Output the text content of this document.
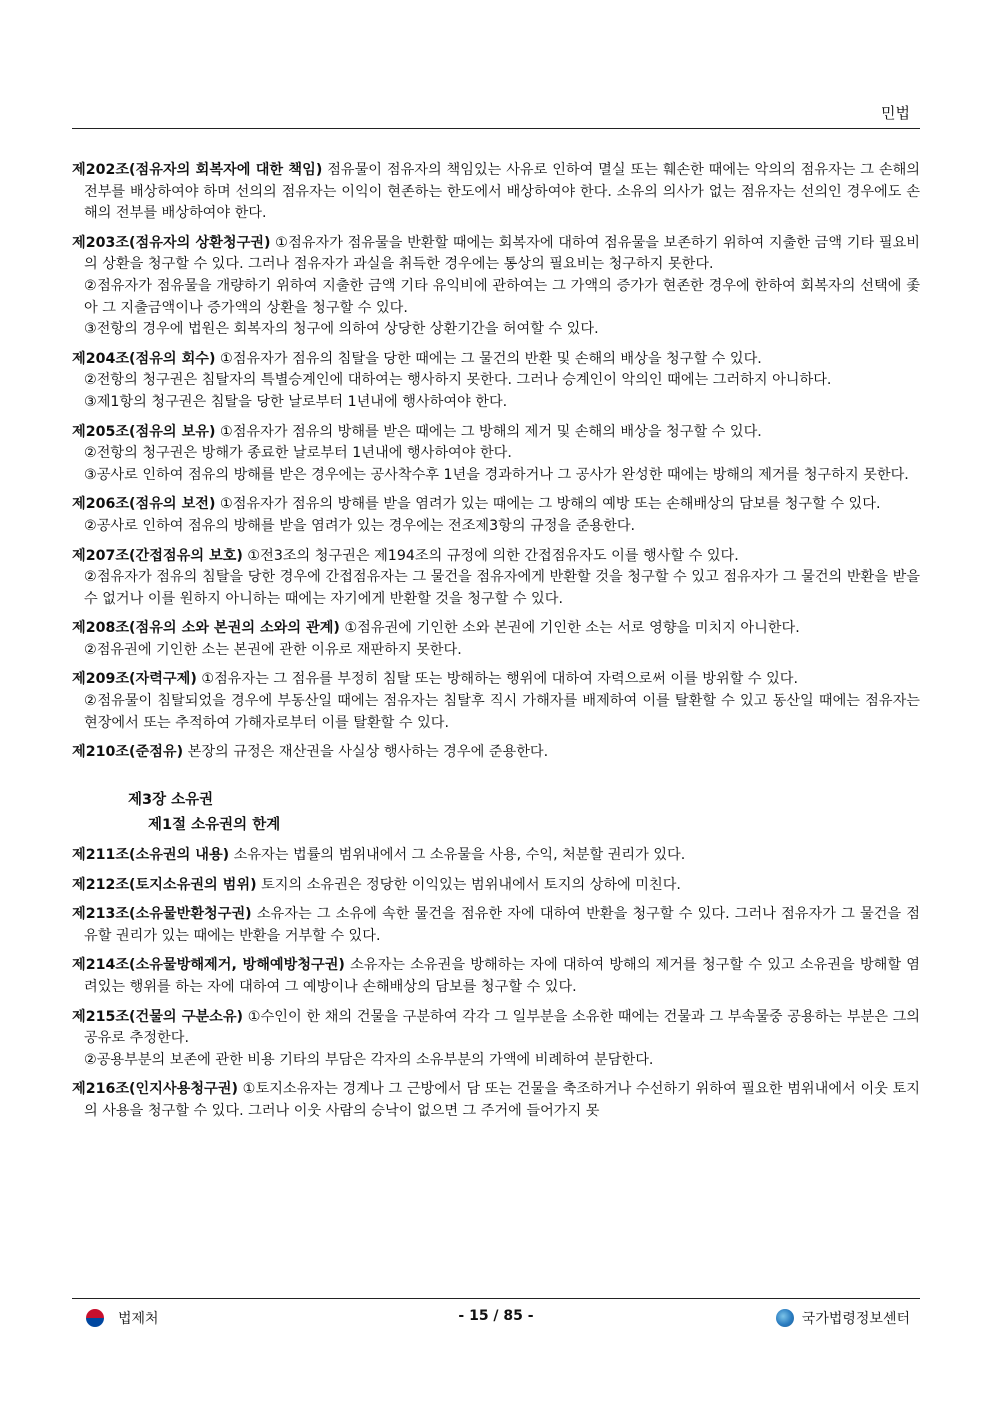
민법
제202조(점유자의 회복자에 대한 책임) 점유물이 점유자의 책임있는 사유로 인하여 멸실 또는 훼손한 때에는 악의의 점유자는 그 손해의 전부를 배상하여야 하며 선의의 점유자는 이익이 현존하는 한도에서 배상하여야 한다. 소유의 의사가 없는 점유자는 선의인 경우에도 손해의 전부를 배상하여야 한다.
제203조(점유자의 상환청구권) ①점유자가 점유물을 반환할 때에는 회복자에 대하여 점유물을 보존하기 위하여 지출한 금액 기타 필요비의 상환을 청구할 수 있다. 그러나 점유자가 과실을 취득한 경우에는 통상의 필요비는 청구하지 못한다.
②점유자가 점유물을 개량하기 위하여 지출한 금액 기타 유익비에 관하여는 그 가액의 증가가 현존한 경우에 한하여 회복자의 선택에 좇아 그 지출금액이나 증가액의 상환을 청구할 수 있다.
③전항의 경우에 법원은 회복자의 청구에 의하여 상당한 상환기간을 허여할 수 있다.
제204조(점유의 회수) ①점유자가 점유의 침탈을 당한 때에는 그 물건의 반환 및 손해의 배상을 청구할 수 있다.
②전항의 청구권은 침탈자의 특별승계인에 대하여는 행사하지 못한다. 그러나 승계인이 악의인 때에는 그러하지 아니하다.
③제1항의 청구권은 침탈을 당한 날로부터 1년내에 행사하여야 한다.
제205조(점유의 보유) ①점유자가 점유의 방해를 받은 때에는 그 방해의 제거 및 손해의 배상을 청구할 수 있다.
②전항의 청구권은 방해가 종료한 날로부터 1년내에 행사하여야 한다.
③공사로 인하여 점유의 방해를 받은 경우에는 공사착수후 1년을 경과하거나 그 공사가 완성한 때에는 방해의 제거를 청구하지 못한다.
제206조(점유의 보전) ①점유자가 점유의 방해를 받을 염려가 있는 때에는 그 방해의 예방 또는 손해배상의 담보를 청구할 수 있다.
②공사로 인하여 점유의 방해를 받을 염려가 있는 경우에는 전조제3항의 규정을 준용한다.
제207조(간접점유의 보호) ①전3조의 청구권은 제194조의 규정에 의한 간접점유자도 이를 행사할 수 있다.
②점유자가 점유의 침탈을 당한 경우에 간접점유자는 그 물건을 점유자에게 반환할 것을 청구할 수 있고 점유자가 그 물건의 반환을 받을 수 없거나 이를 원하지 아니하는 때에는 자기에게 반환할 것을 청구할 수 있다.
제208조(점유의 소와 본권의 소와의 관계) ①점유권에 기인한 소와 본권에 기인한 소는 서로 영향을 미치지 아니한다.
②점유권에 기인한 소는 본권에 관한 이유로 재판하지 못한다.
제209조(자력구제) ①점유자는 그 점유를 부정히 침탈 또는 방해하는 행위에 대하여 자력으로써 이를 방위할 수 있다.
②점유물이 침탈되었을 경우에 부동산일 때에는 점유자는 침탈후 직시 가해자를 배제하여 이를 탈환할 수 있고 동산일 때에는 점유자는 현장에서 또는 추적하여 가해자로부터 이를 탈환할 수 있다.
제210조(준점유) 본장의 규정은 재산권을 사실상 행사하는 경우에 준용한다.
제3장 소유권
제1절 소유권의 한계
제211조(소유권의 내용) 소유자는 법률의 범위내에서 그 소유물을 사용, 수익, 처분할 권리가 있다.
제212조(토지소유권의 범위) 토지의 소유권은 정당한 이익있는 범위내에서 토지의 상하에 미친다.
제213조(소유물반환청구권) 소유자는 그 소유에 속한 물건을 점유한 자에 대하여 반환을 청구할 수 있다. 그러나 점유자가 그 물건을 점유할 권리가 있는 때에는 반환을 거부할 수 있다.
제214조(소유물방해제거, 방해예방청구권) 소유자는 소유권을 방해하는 자에 대하여 방해의 제거를 청구할 수 있고 소유권을 방해할 염려있는 행위를 하는 자에 대하여 그 예방이나 손해배상의 담보를 청구할 수 있다.
제215조(건물의 구분소유) ①수인이 한 채의 건물을 구분하여 각각 그 일부분을 소유한 때에는 건물과 그 부속물중 공용하는 부분은 그의 공유로 추정한다.
②공용부분의 보존에 관한 비용 기타의 부담은 각자의 소유부분의 가액에 비례하여 분담한다.
제216조(인지사용청구권) ①토지소유자는 경계나 그 근방에서 담 또는 건물을 축조하거나 수선하기 위하여 필요한 범위내에서 이웃 토지의 사용을 청구할 수 있다. 그러나 이웃 사람의 승낙이 없으면 그 주거에 들어가지 못
법제처	- 15 / 85 -	국가법령정보센터
